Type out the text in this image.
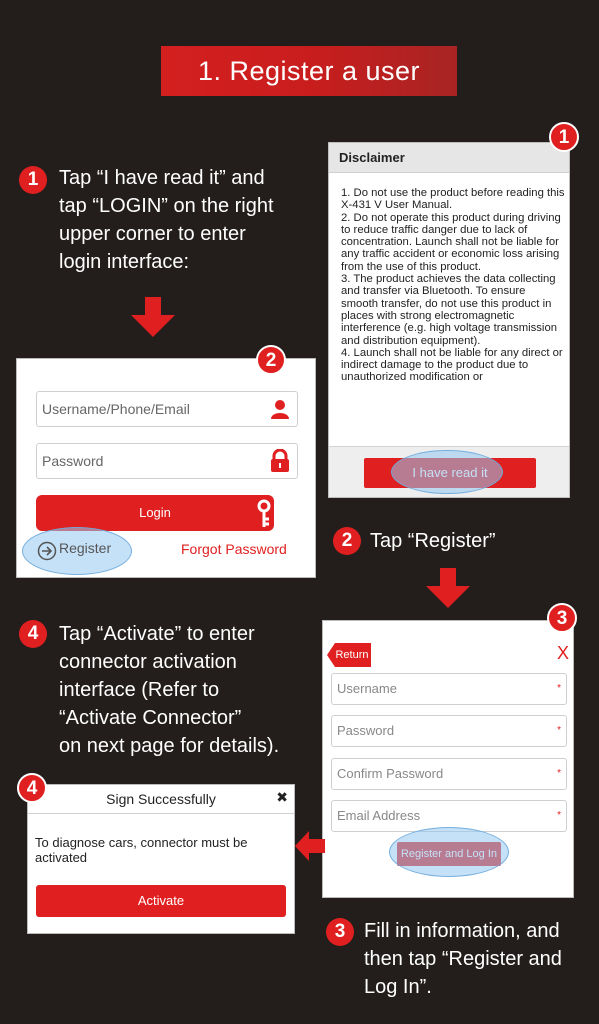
1. Register a user
1	Tap “I have read it” and
tap “LOGIN” on the right
upper corner to enter
login interface:
Disclaimer

1. Do not use the product before reading this X-431 V User Manual.

2. Do not operate this product during driving to reduce traffic danger due to lack of concentration. Launch shall not be liable for any traffic accident or economic loss arising from the use of this product.

3. The product achieves the data collecting and transfer via Bluetooth. To ensure smooth transfer, do not use this product in places with strong electromagnetic interference (e.g. high voltage transmission and distribution equipment).

4. Launch shall not be liable for any direct or indirect damage to the product due to unauthorized modification or

1
Username/Phone/Email
Password
Login
Register	Forgot Password
2
2 Tap “Register”
4	Tap “Activate” to enter
connector activation
interface (Refer to
“Activate Connector”
on next page for details).
Return	X
Username	*
Password	*
Confirm Password	*
Email Address	*
3
Sign Successfully	✖
To diagnose cars, connector must be activated
Activate
4
3 Fill in information, and
then tap “Register and
Log In”.
